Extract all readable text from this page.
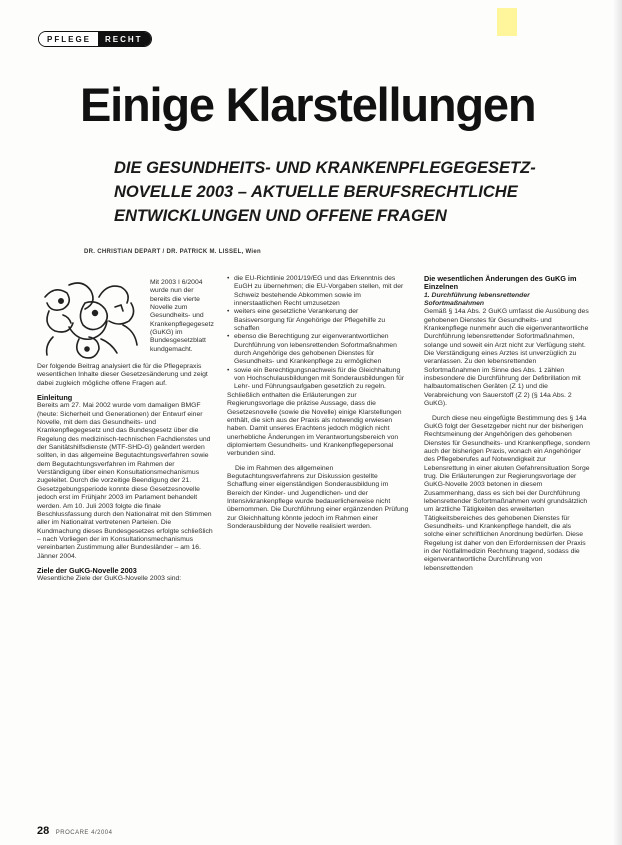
PFLEGE	RECHT
Einige Klarstellungen
DIE GESUNDHEITS- UND KRANKENPFLEGEGESETZ-
NOVELLE 2003 – AKTUELLE BERUFSRECHTLICHE
ENTWICKLUNGEN UND OFFENE FRAGEN
DR. CHRISTIAN DEPART / DR. PATRICK M. LISSEL, Wien
Mit 2003 I 6/2004 wurde nun der bereits die vierte Novelle zum Gesundheits- und Krankenpflegegesetz (GuKG) im Bundesgesetzblatt kundgemacht.

Der folgende Beitrag analysiert die für die Pflegepraxis wesentlichen Inhalte dieser Gesetzesänderung und zeigt dabei zugleich mögliche offene Fragen auf.

Einleitung

Bereits am 27. Mai 2002 wurde vom damaligen BMGF (heute: Sicherheit und Generationen) der Entwurf einer Novelle, mit dem das Gesundheits- und Krankenpflegegesetz und das Bundesgesetz über die Regelung des medizinisch-technischen Fachdienstes und der Sanitätshilfsdienste (MTF-SHD-G) geändert werden sollten, in das allgemeine Begutachtungsverfahren sowie dem Begutachtungsverfahren im Rahmen der Verständigung über einen Konsultationsmechanismus zugeleitet. Durch die vorzeitige Beendigung der 21. Gesetzgebungsperiode konnte diese Gesetzesnovelle jedoch erst im Frühjahr 2003 im Parlament behandelt werden. Am 10. Juli 2003 folgte die finale Beschlussfassung durch den Nationalrat mit den Stimmen aller im Nationalrat vertretenen Parteien. Die Kundmachung dieses Bundesgesetzes erfolgte schließlich – nach Vorliegen der im Konsultationsmechanismus vereinbarten Zustimmung aller Bundesländer – am 16. Jänner 2004.

Ziele der GuKG-Novelle 2003

Wesentliche Ziele der GuKG-Novelle 2003 sind:

• die EU-Richtlinie 2001/19/EG und das Erkenntnis des EuGH zu übernehmen; die EU-Vorgaben stellen, mit der Schweiz bestehende Abkommen sowie im innerstaatlichen Recht umzusetzen
• weiters eine gesetzliche Verankerung der Basisversorgung für Angehörige der Pflegehilfe zu schaffen
• ebenso die Berechtigung zur eigenverantwortlichen Durchführung von lebensrettenden Sofortmaßnahmen durch Angehörige des gehobenen Dienstes für Gesundheits- und Krankenpflege zu ermöglichen
• sowie ein Berechtigungsnachweis für die Gleichhaltung von Hochschulausbildungen mit Sonderausbildungen für Lehr- und Führungsaufgaben gesetzlich zu regeln.

Schließlich enthalten die Erläuterungen zur Regierungsvorlage die präzise Aussage, dass die Gesetzesnovelle (sowie die Novelle) einige Klarstellungen enthält, die sich aus der Praxis als notwendig erwiesen haben. Damit unseres Erachtens jedoch möglich nicht unerhebliche Änderungen im Verantwortungsbereich von diplomiertem Gesundheits- und Krankenpflegepersonal verbunden sind.

Die im Rahmen des allgemeinen Begutachtungsverfahrens zur Diskussion gestellte Schaffung einer eigenständigen Sonderausbildung im Bereich der Kinder- und Jugendlichen- und der Intensivkrankenpflege wurde bedauerlicherweise nicht übernommen. Die Durchführung einer ergänzenden Prüfung zur Gleichhaltung könnte jedoch im Rahmen einer Sonderausbildung der Novelle realisiert werden.

Die wesentlichen Änderungen des GuKG im Einzelnen
1. Durchführung lebensrettender Sofortmaßnahmen

Gemäß § 14a Abs. 2 GuKG umfasst die Ausübung des gehobenen Dienstes für Gesundheits- und Krankenpflege nunmehr auch die eigenverantwortliche Durchführung lebensrettender Sofortmaßnahmen, solange und soweit ein Arzt nicht zur Verfügung steht. Die Verständigung eines Arztes ist unverzüglich zu veranlassen. Zu den lebensrettenden Sofortmaßnahmen im Sinne des Abs. 1 zählen insbesondere die Durchführung der Defibrillation mit halbautomatischen Geräten (Z 1) und die Verabreichung von Sauerstoff (Z 2) (§ 14a Abs. 2 GuKG).

Durch diese neu eingefügte Bestimmung des § 14a GuKG folgt der Gesetzgeber nicht nur der bisherigen Rechtsmeinung der Angehörigen des gehobenen Dienstes für Gesundheits- und Krankenpflege, sondern auch der bisherigen Praxis, wonach ein Angehöriger des Pflegeberufes auf Notwendigkeit zur Lebensrettung in einer akuten Gefahrensituation Sorge trug. Die Erläuterungen zur Regierungsvorlage der GuKG-Novelle 2003 betonen in diesem Zusammenhang, dass es sich bei der Durchführung lebensrettender Sofortmaßnahmen wohl grundsätzlich um ärztliche Tätigkeiten des erweiterten Tätigkeitsbereiches des gehobenen Dienstes für Gesundheits- und Krankenpflege handelt, die als solche einer schriftlichen Anordnung bedürfen. Diese Regelung ist daher von den Erfordernissen der Praxis in der Notfallmedizin Rechnung tragend, sodass die eigenverantwortliche Durchführung von lebensrettenden

28 PROCARE 4/2004
